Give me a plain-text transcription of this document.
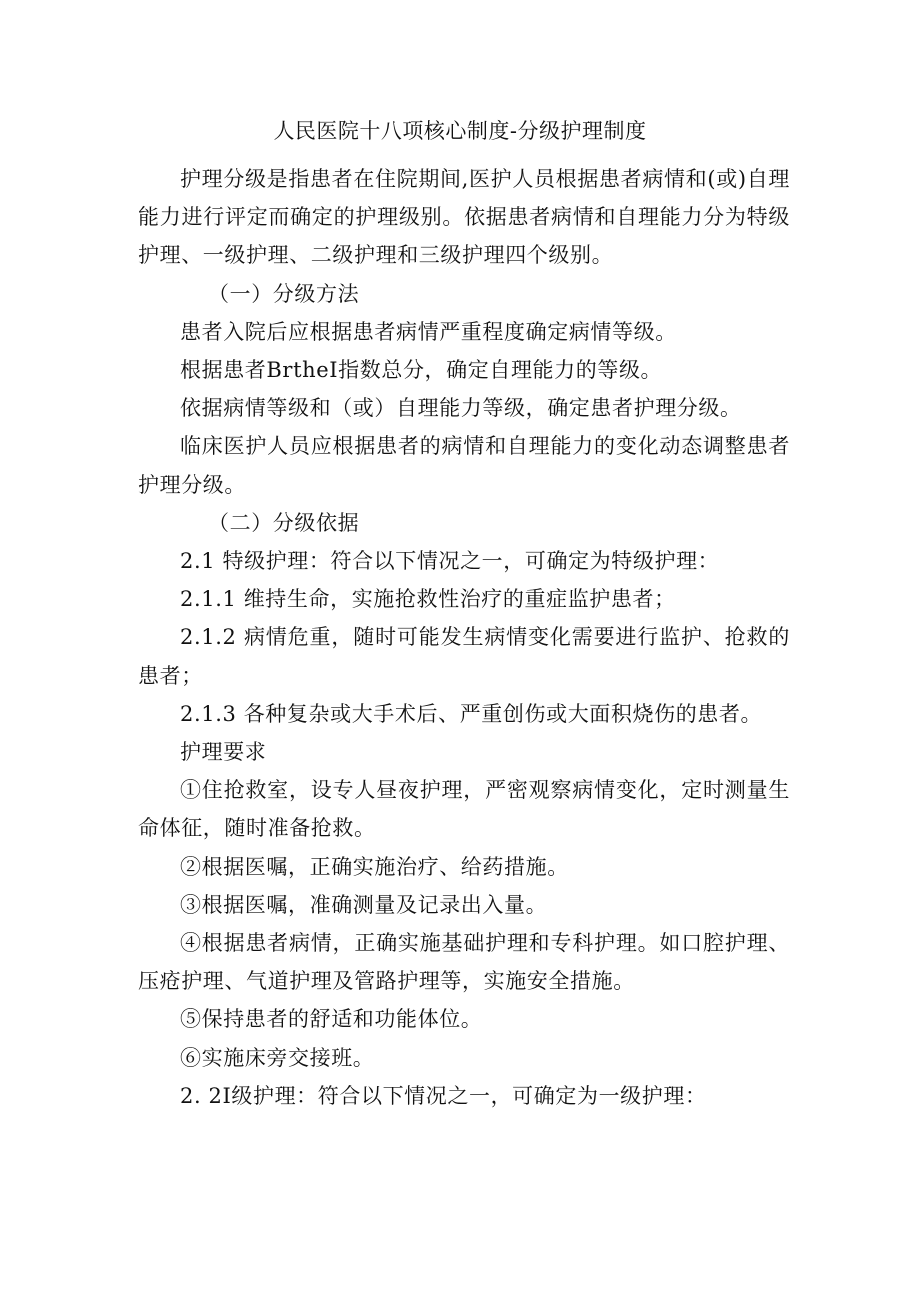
人民医院十八项核心制度-分级护理制度

护理分级是指患者在住院期间,医护人员根据患者病情和(或)自理能力进行评定而确定的护理级别。依据患者病情和自理能力分为特级护理、一级护理、二级护理和三级护理四个级别。

（一）分级方法

患者入院后应根据患者病情严重程度确定病情等级。

根据患者BrtheI指数总分，确定自理能力的等级。

依据病情等级和（或）自理能力等级，确定患者护理分级。

临床医护人员应根据患者的病情和自理能力的变化动态调整患者护理分级。

（二）分级依据

2.1 特级护理：符合以下情况之一，可确定为特级护理：

2.1.1 维持生命，实施抢救性治疗的重症监护患者；

2.1.2 病情危重，随时可能发生病情变化需要进行监护、抢救的患者；

2.1.3 各种复杂或大手术后、严重创伤或大面积烧伤的患者。

护理要求

①住抢救室，设专人昼夜护理，严密观察病情变化，定时测量生命体征，随时准备抢救。

②根据医嘱，正确实施治疗、给药措施。

③根据医嘱，准确测量及记录出入量。

④根据患者病情，正确实施基础护理和专科护理。如口腔护理、压疮护理、气道护理及管路护理等，实施安全措施。

⑤保持患者的舒适和功能体位。

⑥实施床旁交接班。

2. 2I级护理：符合以下情况之一，可确定为一级护理：
